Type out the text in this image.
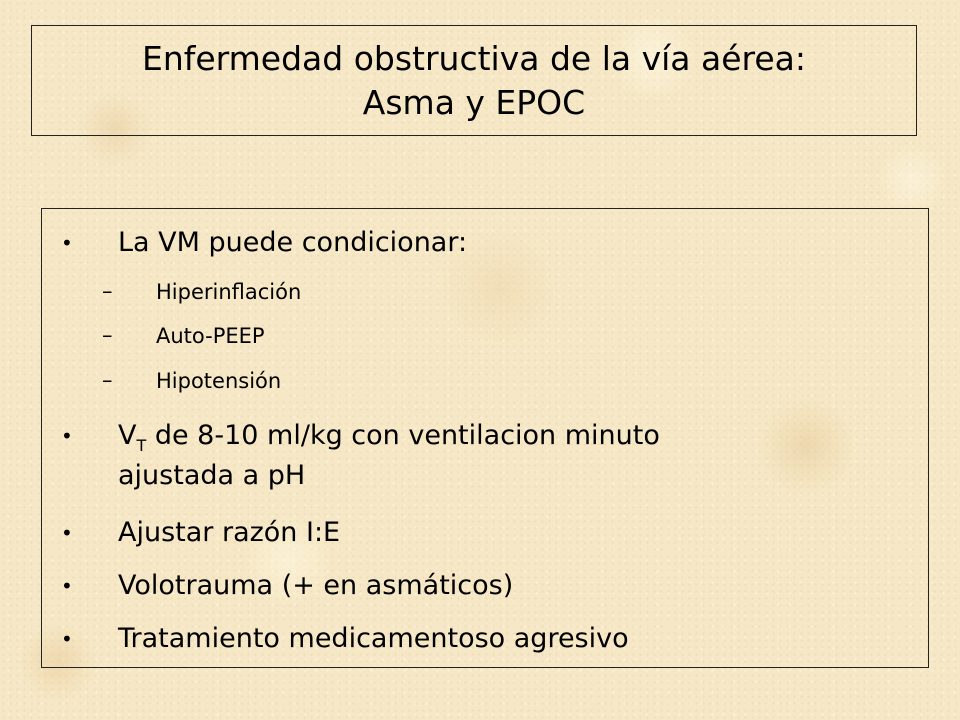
Enfermedad obstructiva de la vía aérea:
Asma y EPOC
• La VM puede condicionar:
– Hiperinflación
– Auto-PEEP
– Hipotensión
• $V_T$ de 8-10 ml/kg con ventilacion minuto
ajustada a pH
• Ajustar razón I:E
• Volotrauma (+ en asmáticos)
• Tratamiento medicamentoso agresivo
